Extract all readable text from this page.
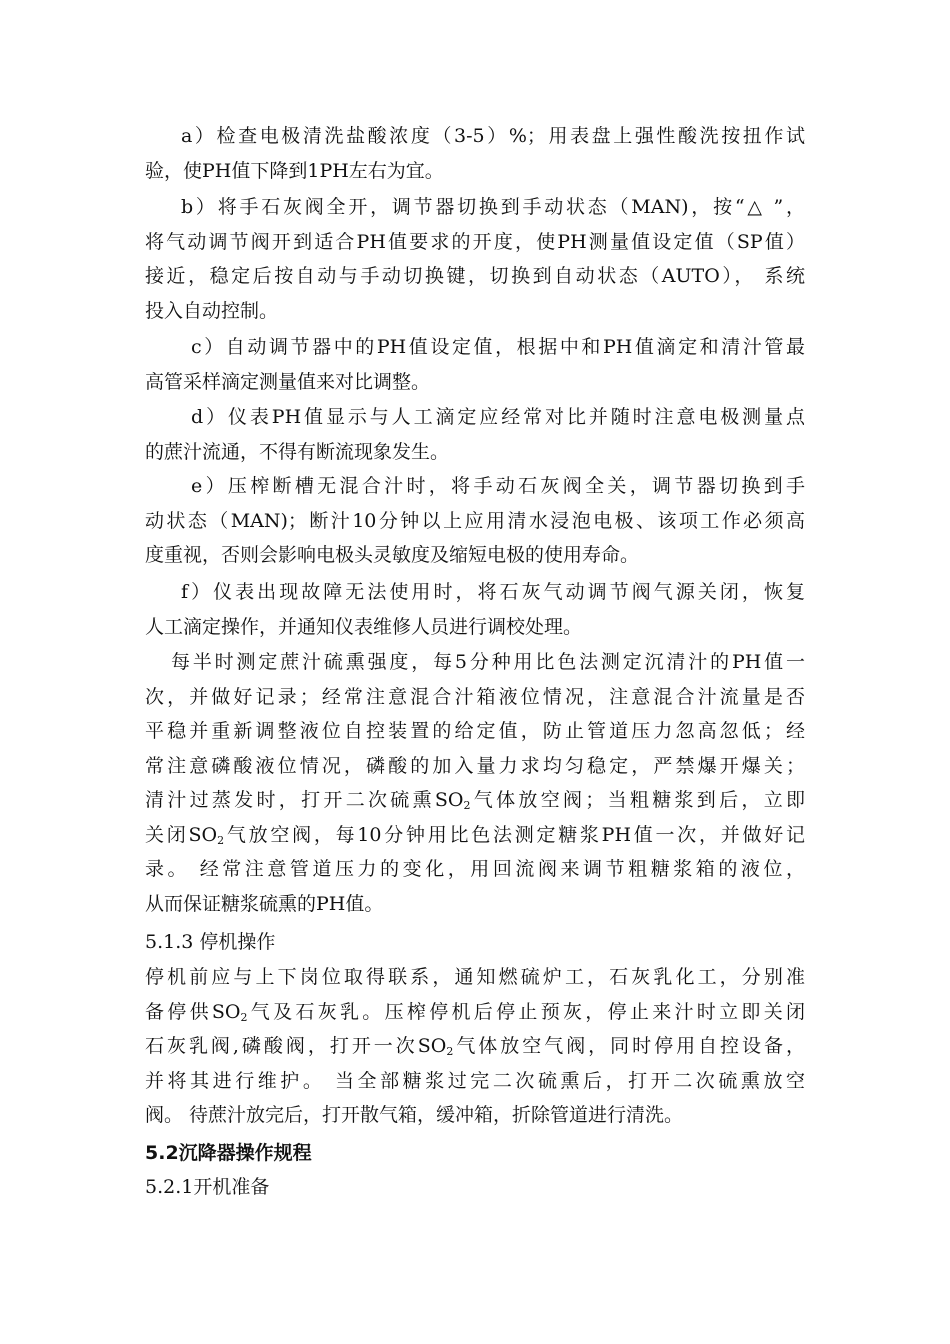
a）检查电极清洗盐酸浓度（3-5）%；用表盘上强性酸洗按扭作试
验，使PH值下降到1PH左右为宜。
b）将手石灰阀全开，调节器切换到手动状态（MAN)，按“△ ”，
将气动调节阀开到适合PH值要求的开度，使PH测量值设定值（SP值）
接近，稳定后按自动与手动切换键，切换到自动状态（AUTO）， 系统
投入自动控制。
c）自动调节器中的PH值设定值，根据中和PH值滴定和清汁管最
高管采样滴定测量值来对比调整。
d）仪表PH值显示与人工滴定应经常对比并随时注意电极测量点
的蔗汁流通，不得有断流现象发生。
e）压榨断槽无混合汁时，将手动石灰阀全关，调节器切换到手
动状态（MAN)；断汁10分钟以上应用清水浸泡电极、该项工作必须高
度重视，否则会影响电极头灵敏度及缩短电极的使用寿命。
f）仪表出现故障无法使用时，将石灰气动调节阀气源关闭，恢复
人工滴定操作，并通知仪表维修人员进行调校处理。
每半时测定蔗汁硫熏强度，每5分种用比色法测定沉清汁的PH值一
次，并做好记录；经常注意混合汁箱液位情况，注意混合汁流量是否
平稳并重新调整液位自控装置的给定值，防止管道压力忽高忽低；经
常注意磷酸液位情况，磷酸的加入量力求均匀稳定，严禁爆开爆关；
清汁过蒸发时，打开二次硫熏$SO_2$气体放空阀；当粗糖浆到后，立即
关闭$SO_2$气放空阀，每10分钟用比色法测定糖浆PH值一次，并做好记
录。 经常注意管道压力的变化，用回流阀来调节粗糖浆箱的液位，
从而保证糖浆硫熏的PH值。
5.1.3 停机操作
停机前应与上下岗位取得联系，通知燃硫炉工，石灰乳化工，分别准
备停供$SO_2$气及石灰乳。压榨停机后停止预灰，停止来汁时立即关闭
石灰乳阀,磷酸阀，打开一次$SO_2$气体放空气阀，同时停用自控设备，
并将其进行维护。 当全部糖浆过完二次硫熏后，打开二次硫熏放空
阀。 待蔗汁放完后，打开散气箱，缓冲箱，折除管道进行清洗。
5.2沉降器操作规程
5.2.1开机准备
